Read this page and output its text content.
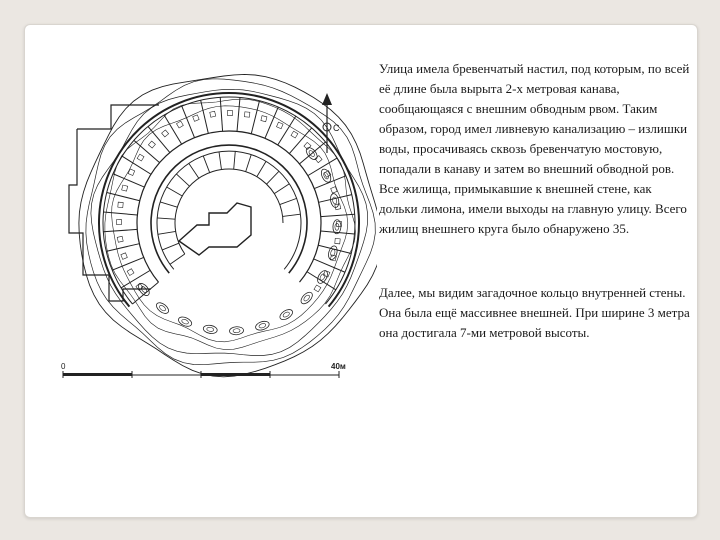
С
0	40м

Улица имела бревенчатый настил, под которым, по всей её длине была вырыта 2-х метровая канава, сообщающаяся с внешним обводным рвом. Таким образом, город имел ливневую канализацию – излишки воды, просачиваясь сквозь бревенчатую мостовую, попадали в канаву и затем во внешний обводной ров. Все жилища, примыкавшие к внешней стене, как дольки лимона, имели выходы на главную улицу. Всего жилищ внешнего круга было обнаружено 35.

Далее, мы видим загадочное кольцо внутренней стены. Она была ещё массивнее внешней. При ширине 3 метра она достигала 7-ми метровой высоты.
